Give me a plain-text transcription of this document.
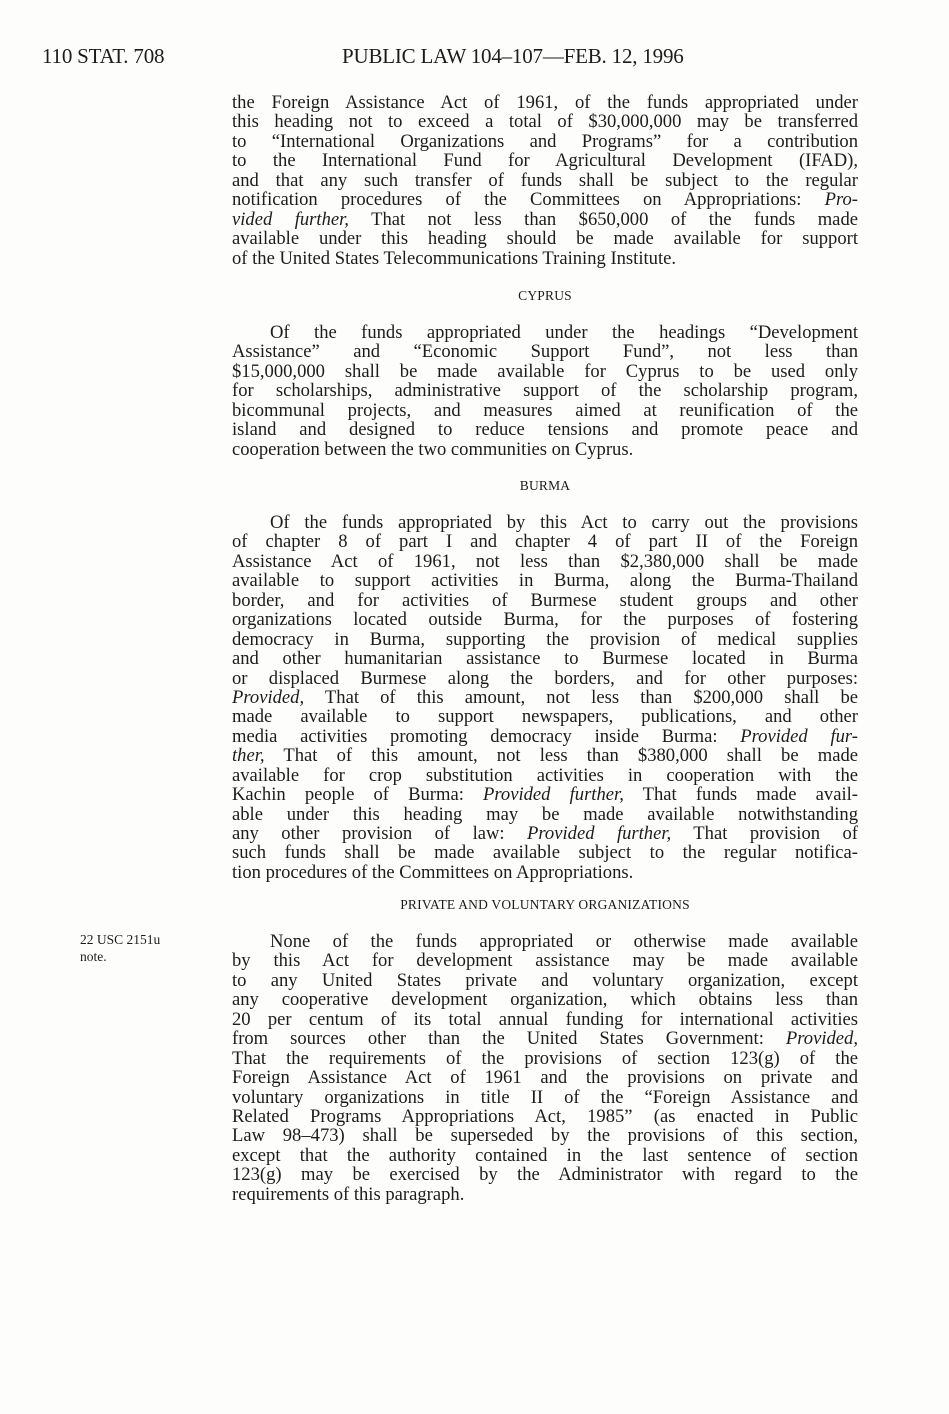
110 STAT. 708	PUBLIC LAW 104–107—FEB. 12, 1996
22 USC 2151u
note.
the Foreign Assistance Act of 1961, of the funds appropriated under
this heading not to exceed a total of $30,000,000 may be transferred
to “International Organizations and Programs” for a contribution
to the International Fund for Agricultural Development (IFAD),
and that any such transfer of funds shall be subject to the regular
notification procedures of the Committees on Appropriations: Pro-
vided further, That not less than $650,000 of the funds made
available under this heading should be made available for support
of the United States Telecommunications Training Institute.
CYPRUS
Of the funds appropriated under the headings “Development
Assistance” and “Economic Support Fund”, not less than
$15,000,000 shall be made available for Cyprus to be used only
for scholarships, administrative support of the scholarship program,
bicommunal projects, and measures aimed at reunification of the
island and designed to reduce tensions and promote peace and
cooperation between the two communities on Cyprus.
BURMA
Of the funds appropriated by this Act to carry out the provisions
of chapter 8 of part I and chapter 4 of part II of the Foreign
Assistance Act of 1961, not less than $2,380,000 shall be made
available to support activities in Burma, along the Burma-Thailand
border, and for activities of Burmese student groups and other
organizations located outside Burma, for the purposes of fostering
democracy in Burma, supporting the provision of medical supplies
and other humanitarian assistance to Burmese located in Burma
or displaced Burmese along the borders, and for other purposes:
Provided, That of this amount, not less than $200,000 shall be
made available to support newspapers, publications, and other
media activities promoting democracy inside Burma: Provided fur-
ther, That of this amount, not less than $380,000 shall be made
available for crop substitution activities in cooperation with the
Kachin people of Burma: Provided further, That funds made avail-
able under this heading may be made available notwithstanding
any other provision of law: Provided further, That provision of
such funds shall be made available subject to the regular notifica-
tion procedures of the Committees on Appropriations.
PRIVATE AND VOLUNTARY ORGANIZATIONS
None of the funds appropriated or otherwise made available
by this Act for development assistance may be made available
to any United States private and voluntary organization, except
any cooperative development organization, which obtains less than
20 per centum of its total annual funding for international activities
from sources other than the United States Government: Provided,
That the requirements of the provisions of section 123(g) of the
Foreign Assistance Act of 1961 and the provisions on private and
voluntary organizations in title II of the “Foreign Assistance and
Related Programs Appropriations Act, 1985” (as enacted in Public
Law 98–473) shall be superseded by the provisions of this section,
except that the authority contained in the last sentence of section
123(g) may be exercised by the Administrator with regard to the
requirements of this paragraph.
